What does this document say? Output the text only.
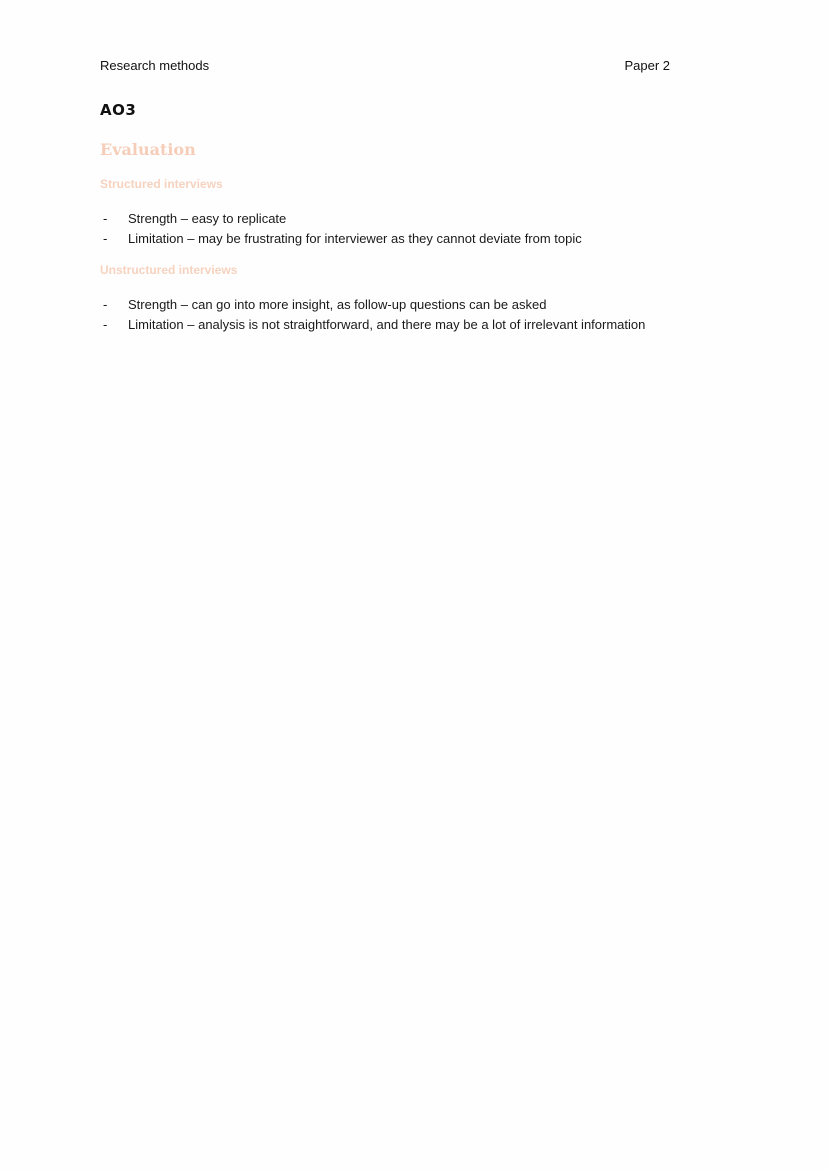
Research methods	Paper 2
AO3
Evaluation
Structured interviews
- Strength – easy to replicate
- Limitation – may be frustrating for interviewer as they cannot deviate from topic
Unstructured interviews
- Strength – can go into more insight, as follow-up questions can be asked
- Limitation – analysis is not straightforward, and there may be a lot of irrelevant information
